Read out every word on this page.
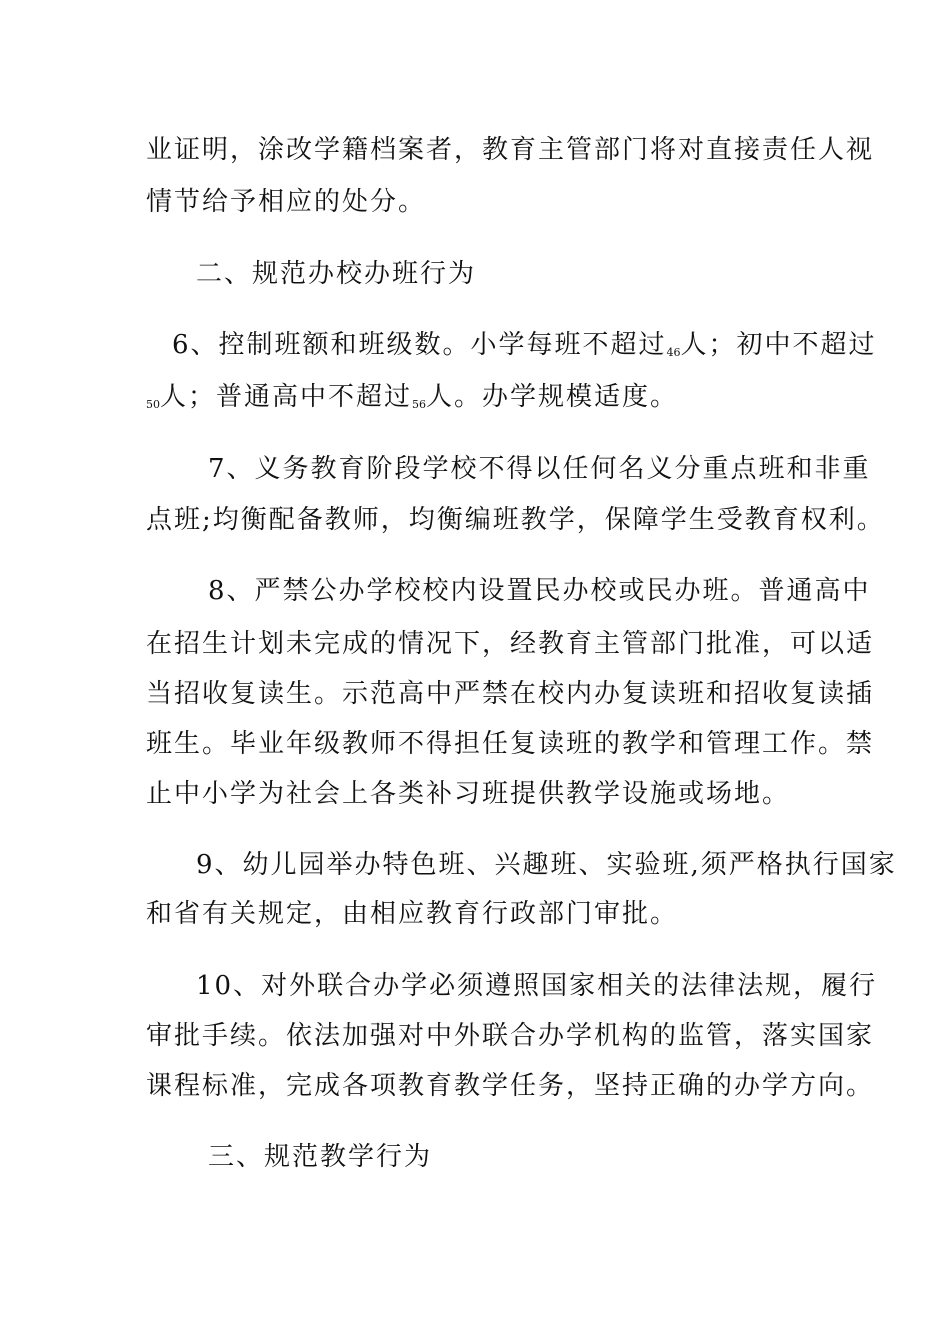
业证明，涂改学籍档案者，教育主管部门将对直接责任人视
情节给予相应的处分。
二、规范办校办班行为
6、控制班额和班级数。小学每班不超过46人；初中不超过
50人；普通高中不超过56人。办学规模适度。
7、义务教育阶段学校不得以任何名义分重点班和非重
点班;均衡配备教师，均衡编班教学，保障学生受教育权利。
8、严禁公办学校校内设置民办校或民办班。普通高中
在招生计划未完成的情况下，经教育主管部门批准，可以适
当招收复读生。示范高中严禁在校内办复读班和招收复读插
班生。毕业年级教师不得担任复读班的教学和管理工作。禁
止中小学为社会上各类补习班提供教学设施或场地。
9、幼儿园举办特色班、兴趣班、实验班,须严格执行国家
和省有关规定，由相应教育行政部门审批。
10、对外联合办学必须遵照国家相关的法律法规，履行
审批手续。依法加强对中外联合办学机构的监管，落实国家
课程标准，完成各项教育教学任务，坚持正确的办学方向。
三、规范教学行为
